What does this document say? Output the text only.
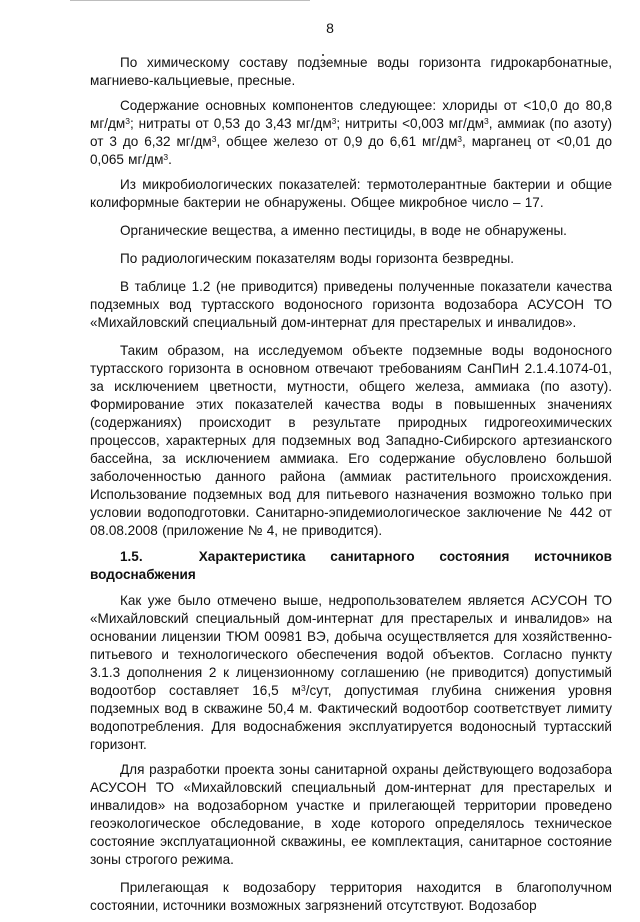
8

По химическому составу подземные воды горизонта гидрокарбонатные, магниево-кальциевые, пресные.

Содержание основных компонентов следующее: хлориды от <10,0 до 80,8 $мг/дм^3$; нитраты от 0,53 до 3,43 $мг/дм^3$; нитриты <0,003 $мг/дм^3$, аммиак (по азоту) от 3 до 6,32 $мг/дм^3$, общее железо от 0,9 до 6,61 $мг/дм^3$, марганец от <0,01 до 0,065 $мг/дм^3$.

Из микробиологических показателей: термотолерантные бактерии и общие колиформные бактерии не обнаружены. Общее микробное число – 17.

Органические вещества, а именно пестициды, в воде не обнаружены.

По радиологическим показателям воды горизонта безвредны.

В таблице 1.2 (не приводится) приведены полученные показатели качества подземных вод туртасского водоносного горизонта водозабора АСУСОН ТО «Михайловский специальный дом-интернат для престарелых и инвалидов».

Таким образом, на исследуемом объекте подземные воды водоносного туртасского горизонта в основном отвечают требованиям СанПиН 2.1.4.1074-01, за исключением цветности, мутности, общего железа, аммиака (по азоту). Формирование этих показателей качества воды в повышенных значениях (содержаниях) происходит в результате природных гидрогеохимических процессов, характерных для подземных вод Западно-Сибирского артезианского бассейна, за исключением аммиака. Его содержание обусловлено большой заболоченностью данного района (аммиак растительного происхождения. Использование подземных вод для питьевого назначения возможно только при условии водоподготовки. Санитарно-эпидемиологическое заключение № 442 от 08.08.2008 (приложение № 4, не приводится).

1.5.	Характеристика санитарного состояния источников водоснабжения

Как уже было отмечено выше, недропользователем является АСУСОН ТО «Михайловский специальный дом-интернат для престарелых и инвалидов» на основании лицензии ТЮМ 00981 ВЭ, добыча осуществляется для хозяйственно-питьевого и технологического обеспечения водой объектов. Согласно пункту 3.1.3 дополнения 2 к лицензионному соглашению (не приводится) допустимый водоотбор составляет 16,5 $м^3$/сут, допустимая глубина снижения уровня подземных вод в скважине 50,4 м. Фактический водоотбор соответствует лимиту водопотребления. Для водоснабжения эксплуатируется водоносный туртасский горизонт.

Для разработки проекта зоны санитарной охраны действующего водозабора АСУСОН ТО «Михайловский специальный дом-интернат для престарелых и инвалидов» на водозаборном участке и прилегающей территории проведено геоэкологическое обследование, в ходе которого определялось техническое состояние эксплуатационной скважины, ее комплектация, санитарное состояние зоны строгого режима.

Прилегающая к водозабору территория находится в благополучном состоянии, источники возможных загрязнений отсутствуют. Водозабор
